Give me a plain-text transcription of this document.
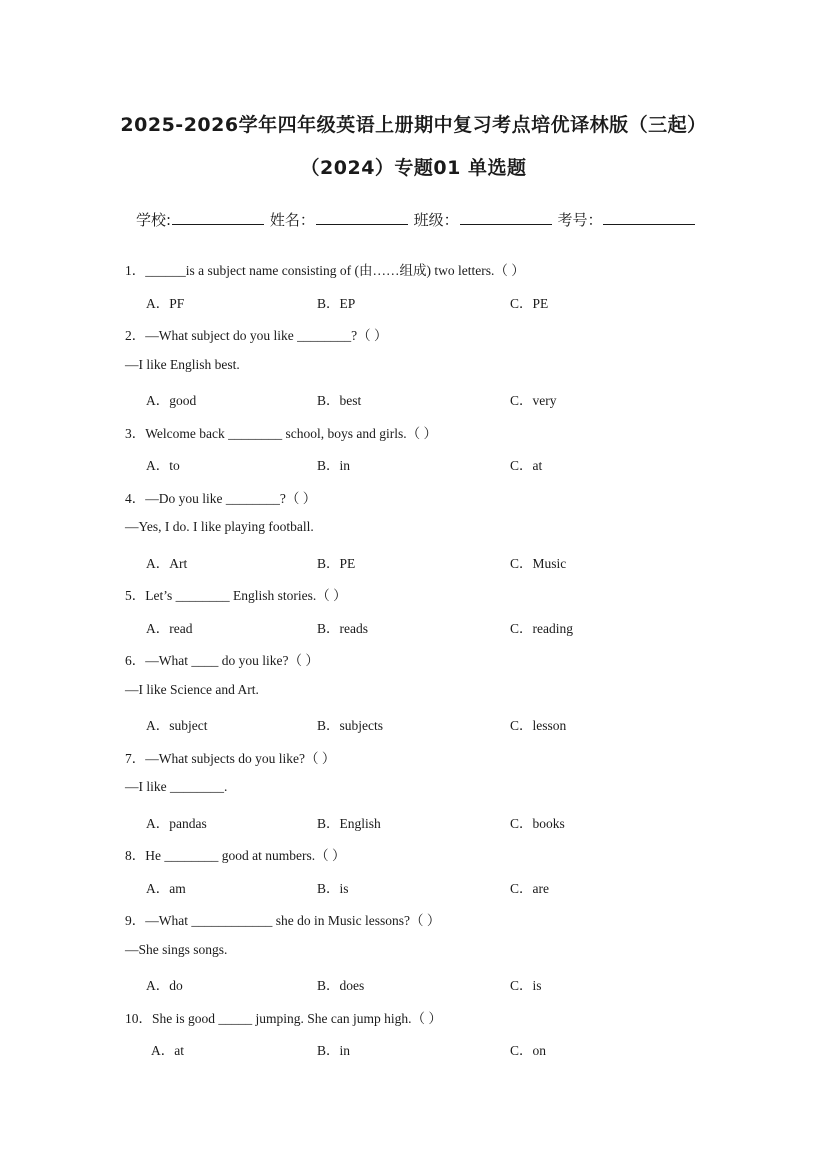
2025-2026学年四年级英语上册期中复习考点培优译林版（三起）
（2024）专题01 单选题
学校:	姓名：	班级：	考号：
1．______is a subject name consisting of (由……组成) two letters.（ ）
A．PF	B．EP	C．PE
2．—What subject do you like ________?（ ）
—I like English best.
A．good	B．best	C．very
3．Welcome back ________ school, boys and girls.（ ）
A．to	B．in	C．at
4．—Do you like ________?（ ）
—Yes, I do. I like playing football.
A．Art	B．PE	C．Music
5．Let’s ________ English stories.（ ）
A．read	B．reads	C．reading
6．—What ____ do you like?（ ）
—I like Science and Art.
A．subject	B．subjects	C．lesson
7．—What subjects do you like?（ ）
—I like ________.
A．pandas	B．English	C．books
8．He ________ good at numbers.（ ）
A．am	B．is	C．are
9．—What ____________ she do in Music lessons?（ ）
—She sings songs.
A．do	B．does	C．is
10．She is good _____ jumping. She can jump high.（ ）
A．at	B．in	C．on
